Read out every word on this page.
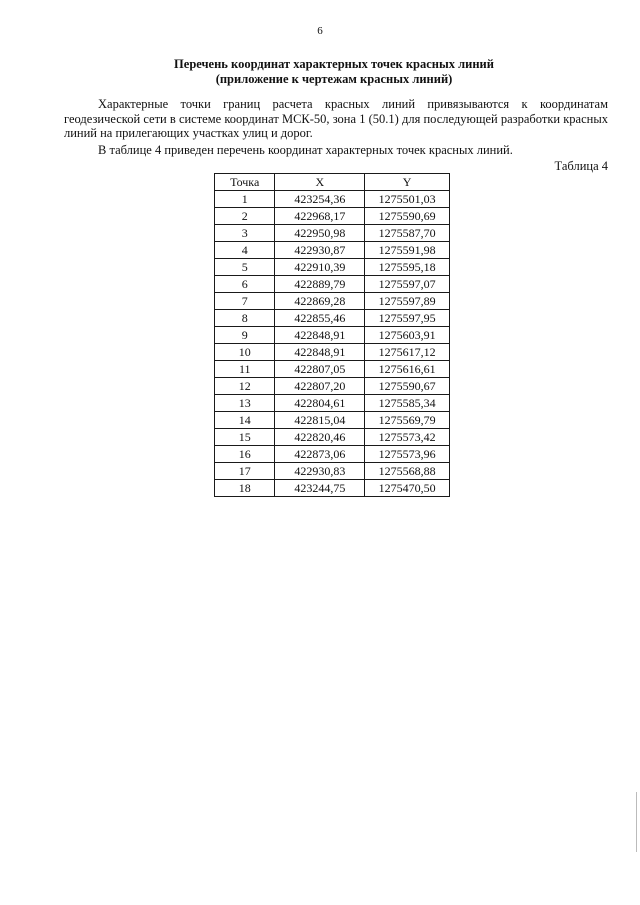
6
Перечень координат характерных точек красных линий
(приложение к чертежам красных линий)

Характерные точки границ расчета красных линий привязываются к координатам геодезической сети в системе координат МСК-50, зона 1 (50.1) для последующей разработки красных линий на прилегающих участках улиц и дорог.

В таблице 4 приведен перечень координат характерных точек красных линий.

Таблица 4
Точка	X	Y
1	423254,36	1275501,03
2	422968,17	1275590,69
3	422950,98	1275587,70
4	422930,87	1275591,98
5	422910,39	1275595,18
6	422889,79	1275597,07
7	422869,28	1275597,89
8	422855,46	1275597,95
9	422848,91	1275603,91
10	422848,91	1275617,12
11	422807,05	1275616,61
12	422807,20	1275590,67
13	422804,61	1275585,34
14	422815,04	1275569,79
15	422820,46	1275573,42
16	422873,06	1275573,96
17	422930,83	1275568,88
18	423244,75	1275470,50
